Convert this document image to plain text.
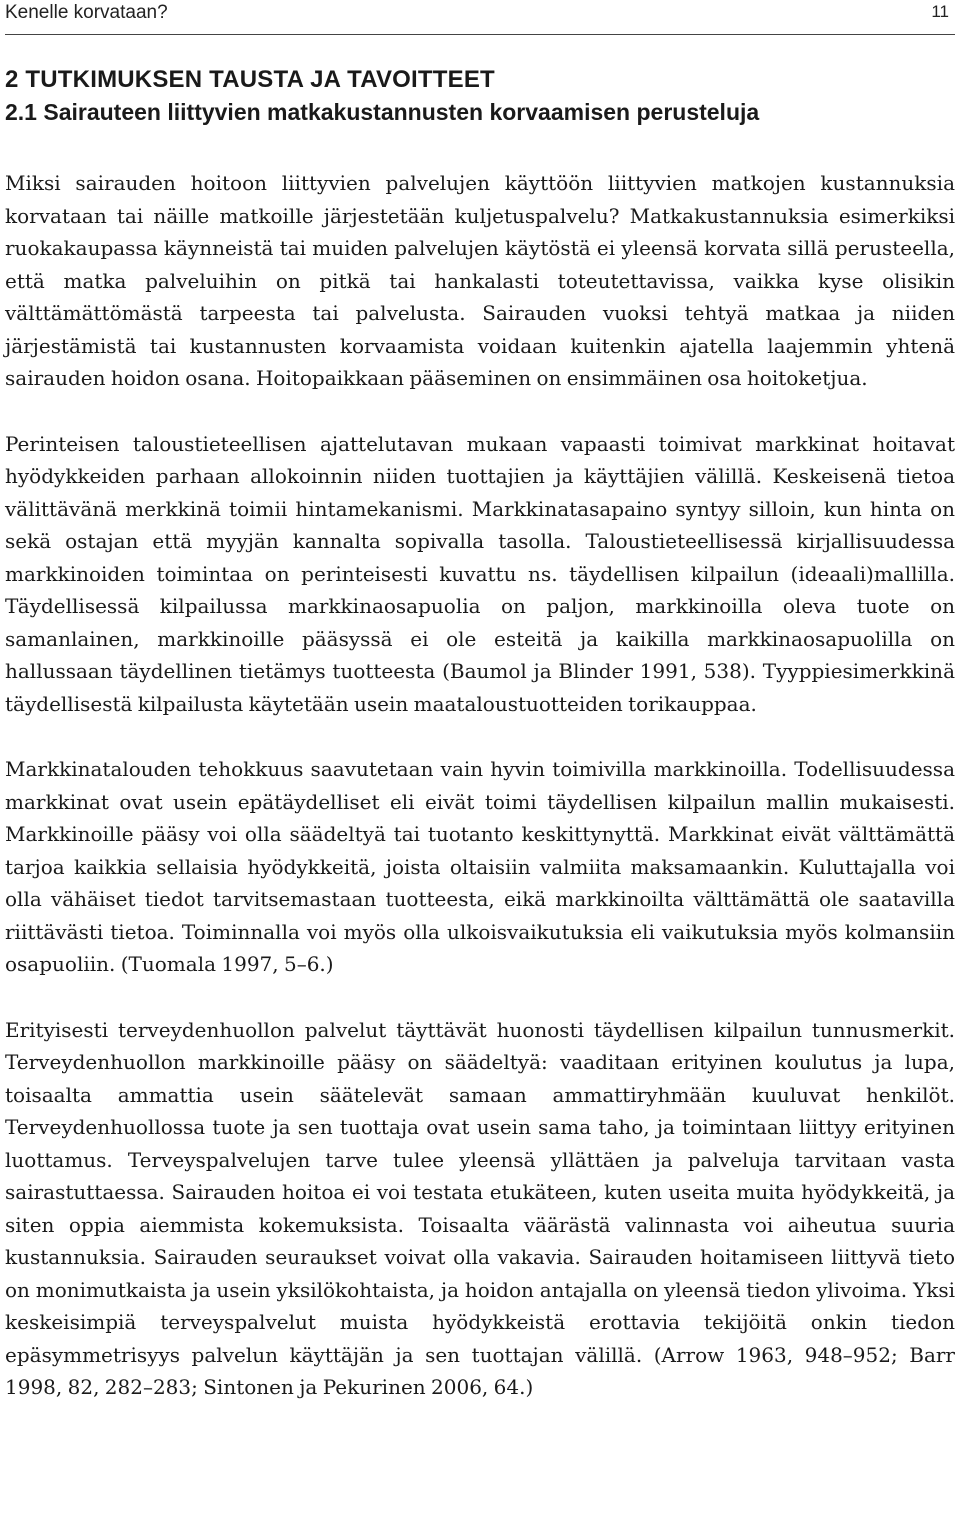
Kenelle korvataan?	11
2 TUTKIMUKSEN TAUSTA JA TAVOITTEET
2.1 Sairauteen liittyvien matkakustannusten korvaamisen perusteluja

Miksi sairauden hoitoon liittyvien palvelujen käyttöön liittyvien matkojen kustannuksia korvataan tai näille matkoille järjestetään kuljetuspalvelu? Matkakustannuksia esimerkiksi ruokakaupassa käynneistä tai muiden palvelujen käytöstä ei yleensä korvata sillä perusteella, että matka palveluihin on pitkä tai hankalasti toteutettavissa, vaikka kyse olisikin välttämättömästä tarpeesta tai palvelusta. Sairauden vuoksi tehtyä matkaa ja niiden järjestämistä tai kustannusten korvaamista voidaan kuitenkin ajatella laajemmin yhtenä sairauden hoidon osana. Hoitopaikkaan pääseminen on ensimmäinen osa hoitoketjua.

Perinteisen taloustieteellisen ajattelutavan mukaan vapaasti toimivat markkinat hoitavat hyödykkeiden parhaan allokoinnin niiden tuottajien ja käyttäjien välillä. Keskeisenä tietoa välittävänä merkkinä toimii hintamekanismi. Markkinatasapaino syntyy silloin, kun hinta on sekä ostajan että myyjän kannalta sopivalla tasolla. Taloustieteellisessä kirjallisuudessa markkinoiden toimintaa on perinteisesti kuvattu ns. täydellisen kilpailun (ideaali)mallilla. Täydellisessä kilpailussa markkinaosapuolia on paljon, markkinoilla oleva tuote on samanlainen, markkinoille pääsyssä ei ole esteitä ja kaikilla markkinaosapuolilla on hallussaan täydellinen tietämys tuotteesta (Baumol ja Blinder 1991, 538). Tyyppiesimerkkinä täydellisestä kilpailusta käytetään usein maataloustuotteiden torikauppaa.

Markkinatalouden tehokkuus saavutetaan vain hyvin toimivilla markkinoilla. Todellisuudessa markkinat ovat usein epätäydelliset eli eivät toimi täydellisen kilpailun mallin mukaisesti. Markkinoille pääsy voi olla säädeltyä tai tuotanto keskittynyttä. Markkinat eivät välttämättä tarjoa kaikkia sellaisia hyödykkeitä, joista oltaisiin valmiita maksamaankin. Kuluttajalla voi olla vähäiset tiedot tarvitsemastaan tuotteesta, eikä markkinoilta välttämättä ole saatavilla riittävästi tietoa. Toiminnalla voi myös olla ulkoisvaikutuksia eli vaikutuksia myös kolmansiin osapuoliin. (Tuomala 1997, 5–6.)

Erityisesti terveydenhuollon palvelut täyttävät huonosti täydellisen kilpailun tunnusmerkit. Terveydenhuollon markkinoille pääsy on säädeltyä: vaaditaan erityinen koulutus ja lupa, toisaalta ammattia usein säätelevät samaan ammattiryhmään kuuluvat henkilöt. Terveydenhuollossa tuote ja sen tuottaja ovat usein sama taho, ja toimintaan liittyy erityinen luottamus. Terveyspalvelujen tarve tulee yleensä yllättäen ja palveluja tarvitaan vasta sairastuttaessa. Sairauden hoitoa ei voi testata etukäteen, kuten useita muita hyödykkeitä, ja siten oppia aiemmista kokemuksista. Toisaalta väärästä valinnasta voi aiheutua suuria kustannuksia. Sairauden seuraukset voivat olla vakavia. Sairauden hoitamiseen liittyvä tieto on monimutkaista ja usein yksilökohtaista, ja hoidon antajalla on yleensä tiedon ylivoima. Yksi keskeisimpiä terveyspalvelut muista hyödykkeistä erottavia tekijöitä onkin tiedon epäsymmetrisyys palvelun käyttäjän ja sen tuottajan välillä. (Arrow 1963, 948–952; Barr 1998, 82, 282–283; Sintonen ja Pekurinen 2006, 64.)
